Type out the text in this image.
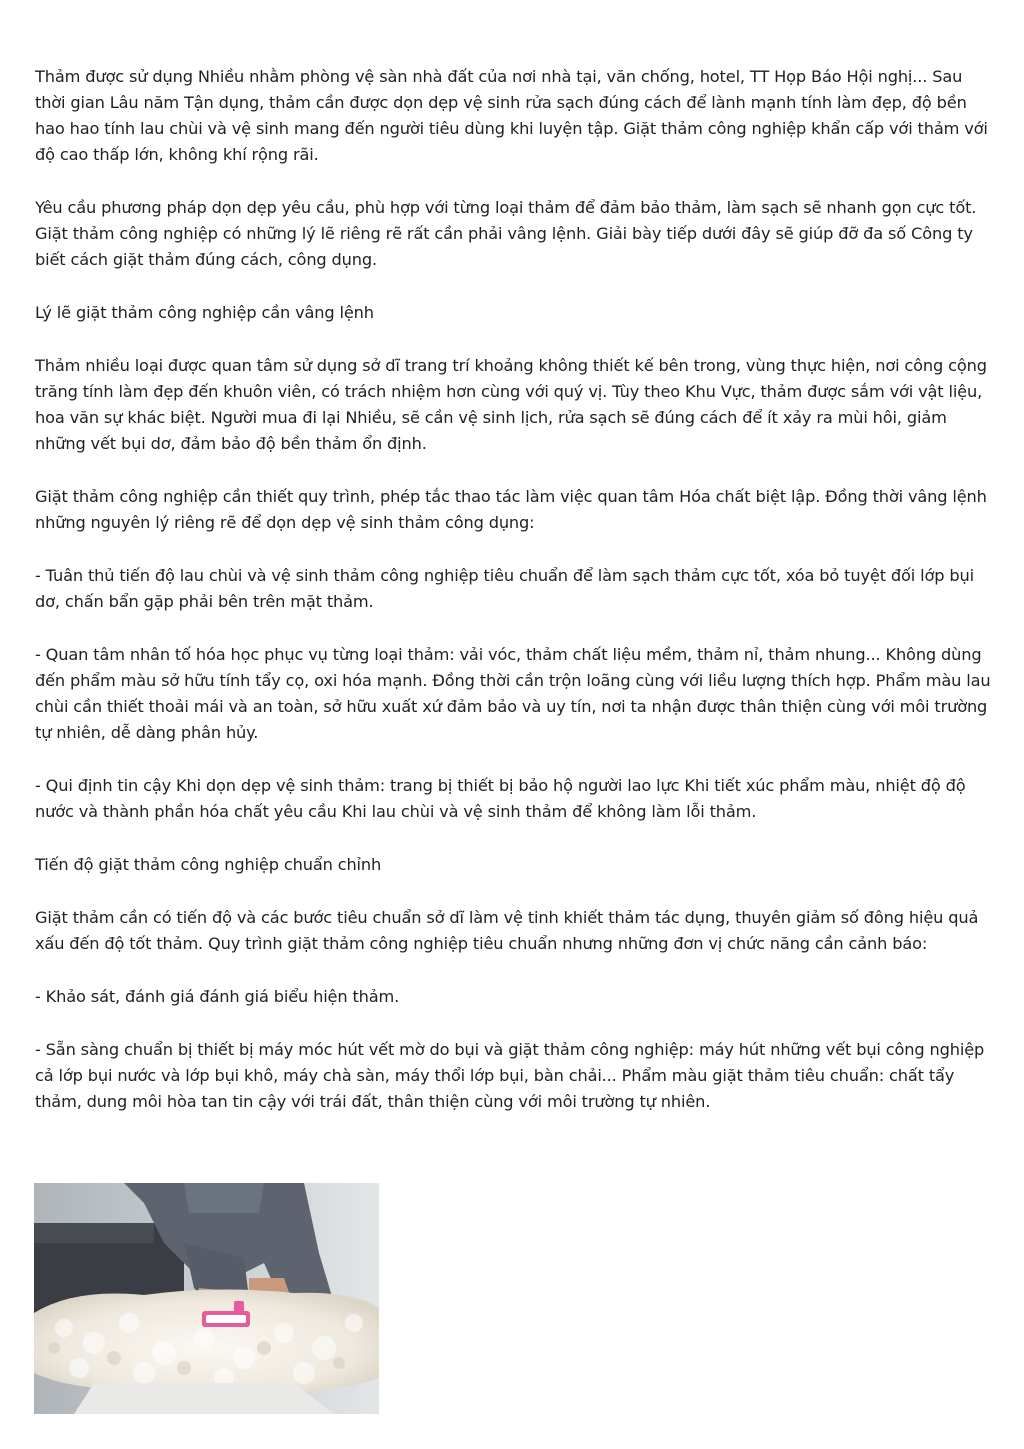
Thảm được sử dụng Nhiều nhằm phòng vệ sàn nhà đất của nơi nhà tại, văn chống, hotel, TT Họp Báo Hội nghị... Sau thời gian Lâu năm Tận dụng, thảm cần được dọn dẹp vệ sinh rửa sạch đúng cách để lành mạnh tính làm đẹp, độ bền hao hao tính lau chùi và vệ sinh mang đến người tiêu dùng khi luyện tập. Giặt thảm công nghiệp khẩn cấp với thảm với độ cao thấp lớn, không khí rộng rãi.

Yêu cầu phương pháp dọn dẹp yêu cầu, phù hợp với từng loại thảm để đảm bảo thảm, làm sạch sẽ nhanh gọn cực tốt. Giặt thảm công nghiệp có những lý lẽ riêng rẽ rất cần phải vâng lệnh. Giải bày tiếp dưới đây sẽ giúp đỡ đa số Công ty biết cách giặt thảm đúng cách, công dụng.

Lý lẽ giặt thảm công nghiệp cần vâng lệnh

Thảm nhiều loại được quan tâm sử dụng sở dĩ trang trí khoảng không thiết kế bên trong, vùng thực hiện, nơi công cộng trăng tính làm đẹp đến khuôn viên, có trách nhiệm hơn cùng với quý vị. Tùy theo Khu Vực, thảm được sắm với vật liệu, hoa văn sự khác biệt. Người mua đi lại Nhiều, sẽ cần vệ sinh lịch, rửa sạch sẽ đúng cách để ít xảy ra mùi hôi, giảm những vết bụi dơ, đảm bảo độ bền thảm ổn định.

Giặt thảm công nghiệp cần thiết quy trình, phép tắc thao tác làm việc quan tâm Hóa chất biệt lập. Đồng thời vâng lệnh những nguyên lý riêng rẽ để dọn dẹp vệ sinh thảm công dụng:

- Tuân thủ tiến độ lau chùi và vệ sinh thảm công nghiệp tiêu chuẩn để làm sạch thảm cực tốt, xóa bỏ tuyệt đối lớp bụi dơ, chấn bẩn gặp phải bên trên mặt thảm.

- Quan tâm nhân tố hóa học phục vụ từng loại thảm: vải vóc, thảm chất liệu mềm, thảm nỉ, thảm nhung... Không dùng đến phẩm màu sở hữu tính tẩy cọ, oxi hóa mạnh. Đồng thời cần trộn loãng cùng với liều lượng thích hợp. Phẩm màu lau chùi cần thiết thoải mái và an toàn, sở hữu xuất xứ đảm bảo và uy tín, nơi ta nhận được thân thiện cùng với môi trường tự nhiên, dễ dàng phân hủy.

- Qui định tin cậy Khi dọn dẹp vệ sinh thảm: trang bị thiết bị bảo hộ người lao lực Khi tiết xúc phẩm màu, nhiệt độ độ nước và thành phần hóa chất yêu cầu Khi lau chùi và vệ sinh thảm để không làm lỗi thảm.

Tiến độ giặt thảm công nghiệp chuẩn chỉnh

Giặt thảm cần có tiến độ và các bước tiêu chuẩn sở dĩ làm vệ tinh khiết thảm tác dụng, thuyên giảm số đông hiệu quả xấu đến độ tốt thảm. Quy trình giặt thảm công nghiệp tiêu chuẩn nhưng những đơn vị chức năng cần cảnh báo:

- Khảo sát, đánh giá đánh giá biểu hiện thảm.

- Sẵn sàng chuẩn bị thiết bị máy móc hút vết mờ do bụi và giặt thảm công nghiệp: máy hút những vết bụi công nghiệp cả lớp bụi nước và lớp bụi khô, máy chà sàn, máy thổi lớp bụi, bàn chải... Phẩm màu giặt thảm tiêu chuẩn: chất tẩy thảm, dung môi hòa tan tin cậy với trái đất, thân thiện cùng với môi trường tự nhiên.
